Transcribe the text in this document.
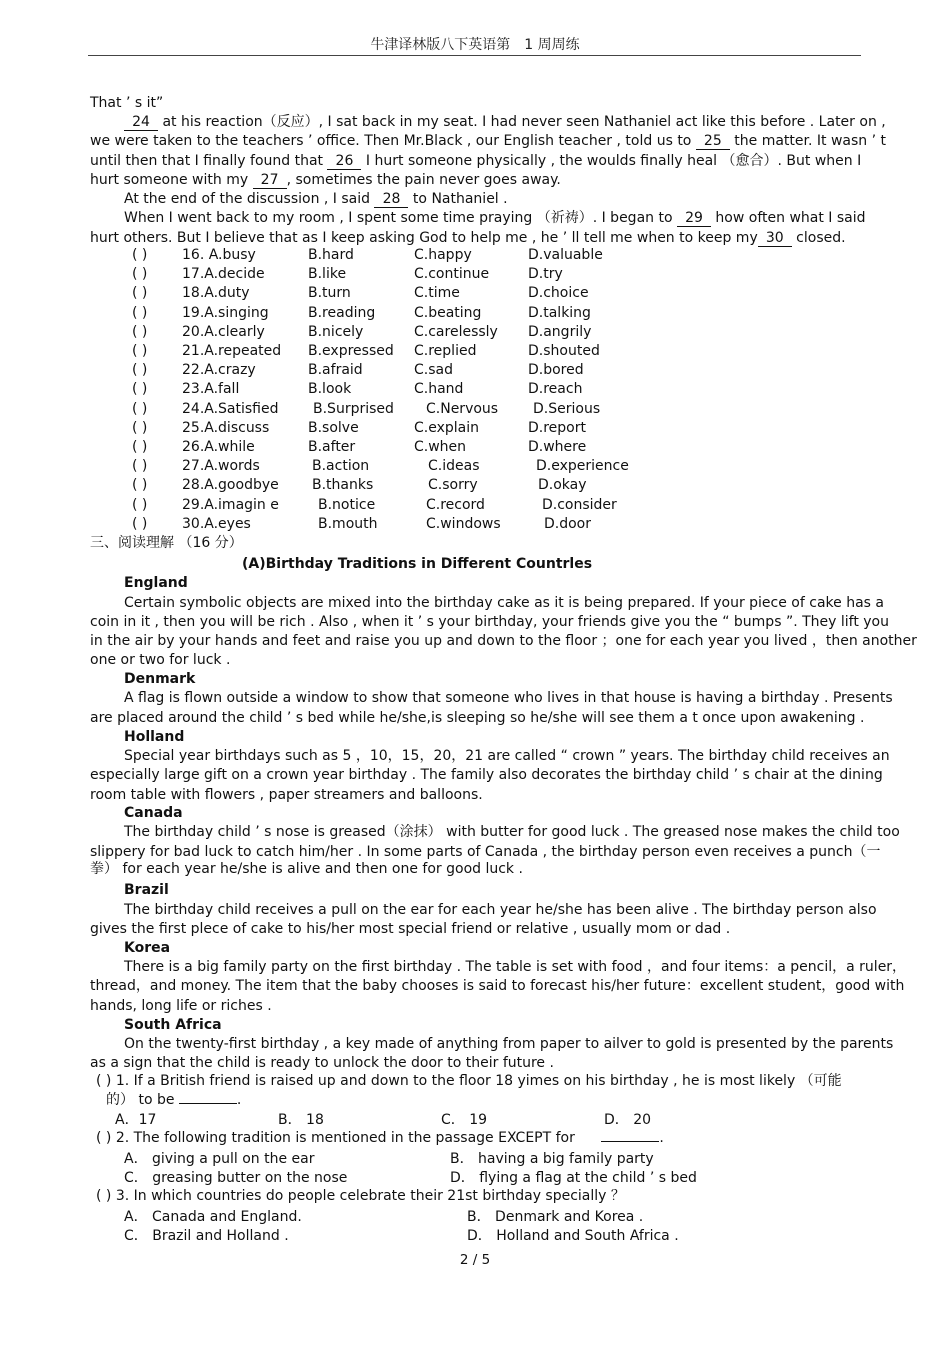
牛津译林版八下英语第　1 周周练
That ’ s it”
24 at his reaction（反应）, I sat back in my seat. I had never seen Nathaniel act like this before . Later on ,
we were taken to the teachers ’ office. Then Mr.Black , our English teacher , told us to 25 the matter. It wasn ’ t
until then that I finally found that 26 I hurt someone physically , the woulds finally heal （愈合）. But when I
hurt someone with my 27 , sometimes the pain never goes away.
At the end of the discussion , I said 28 to Nathaniel .
When I went back to my room , I spent some time praying （祈祷）. I began to 29 how often what I said
hurt others. But I believe that as I keep asking God to help me , he ’ ll tell me when to keep my 30 closed.
( ) 16. A.busy	B.hard	C.happy	D.valuable
( ) 17.A.decide	B.like	C.continue	D.try
( ) 18.A.duty	B.turn	C.time	D.choice
( ) 19.A.singing	B.reading	C.beating	D.talking
( ) 20.A.clearly	B.nicely	C.carelessly D.angrily
( ) 21.A.repeated B.expressed C.replied	D.shouted
( ) 22.A.crazy	B.afraid	C.sad	D.bored
( ) 23.A.fall	B.look	C.hand	D.reach
( ) 24.A.Satisfied B.Surprised C.Nervous D.Serious
( ) 25.A.discuss	B.solve	C.explain	D.report
( ) 26.A.while	B.after	C.when	D.where
( ) 27.A.words	B.action	C.ideas	D.experience
( ) 28.A.goodbye B.thanks	C.sorry	D.okay
( ) 29.A.imagin e	B.notice	C.record	D.consider
( ) 30.A.eyes	B.mouth	C.windows	D.door
三、阅读理解 （16 分）
(A)Birthday Traditions in Different Countrles
England
Certain symbolic objects are mixed into the birthday cake as it is being prepared. If your piece of cake has a
coin in it , then you will be rich . Also , when it ’ s your birthday, your friends give you the “ bumps ”. They lift you
in the air by your hands and feet and raise you up and down to the floor ；one for each year you lived ，then another
one or two for luck .
Denmark
A flag is flown outside a window to show that someone who lives in that house is having a birthday . Presents
are placed around the child ’ s bed while he/she,is sleeping so he/she will see them a t once upon awakening .
Holland
Special year birthdays such as 5 ，10，15，20，21 are called “ crown ” years. The birthday child receives an
especially large gift on a crown year birthday . The family also decorates the birthday child ’ s chair at the dining
room table with flowers , paper streamers and balloons.
Canada
The birthday child ’ s nose is greased（涂抹） with butter for good luck . The greased nose makes the child too
slippery for bad luck to catch him/her . In some parts of Canada , the birthday person even receives a punch（一
拳） for each year he/she is alive and then one for good luck .
Brazil
The birthday child receives a pull on the ear for each year he/she has been alive . The birthday person also
gives the first plece of cake to his/her most special friend or relative , usually mom or dad .
Korea
There is a big family party on the first birthday . The table is set with food ，and four items：a pencil，a ruler，
thread，and money. The item that the baby chooses is said to forecast his/her future：excellent student，good with
hands, long life or riches .
South Africa
On the twenty-first birthday , a key made of anything from paper to ailver to gold is presented by the parents
as a sign that the child is ready to unlock the door to their future .
( ) 1. If a British friend is raised up and down to the floor 18 yimes on his birthday , he is most likely （可能
的） to be	.
A．17	B． 18	C． 19	D． 20
( ) 2. The following tradition is mentioned in the passage EXCEPT for	.
A． giving a pull on the ear	B． having a big family party
C． greasing butter on the nose	D． flying a flag at the child ’ s bed
( ) 3. In which countries do people celebrate their 21st birthday specially ？
A． Canada and England.	B． Denmark and Korea .
C． Brazil and Holland .	D． Holland and South Africa .
2 / 5
